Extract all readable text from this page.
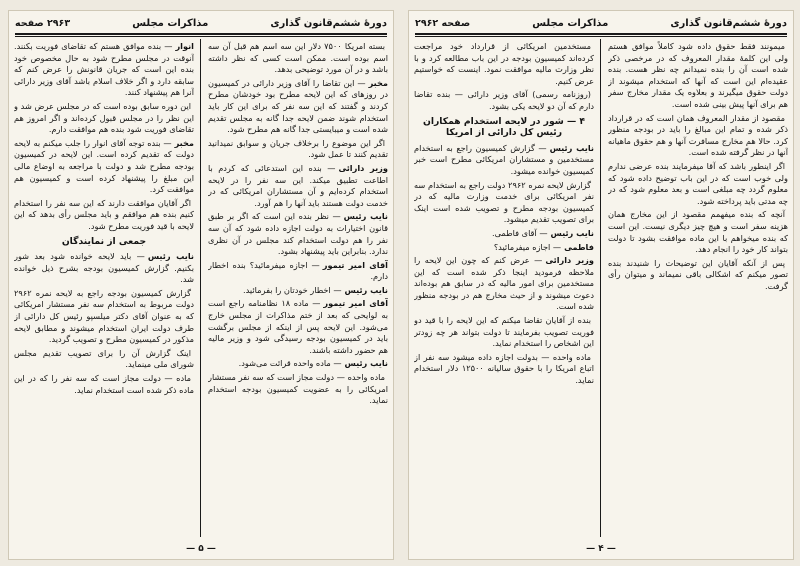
دورۀ ششم‌قانون گذاری
مذاکرات مجلس
۲۹۶۳ صفحه

بسته امریکا ۷۵۰۰ دلار این سه اسم هم قبل آن سه اسم بوده است. ممکن است کسی که نظر داشته باشد و در آن مورد توضیحی بدهد.

مخبر— این تقاضا را آقای وزیر دارائی در کمیسیون در روزهای که این لایحه مطرح بود خودشان مطرح کردند و گفتند که این سه نفر که برای این کار باید استخدام شوند ضمن لایحه جدا گانه به مجلس تقدیم شده است و میبایستی جدا گانه هم مطرح شود.

اگر این موضوع را برخلاف جریان و سوابق نمیدانید تقدیم کنند تا عمل شود.

وزیر دارائی— بنده این استدعائی که کردم با اطاعت تطبیق میکند. این سه نفر را در لایحه استخدام کرده‌ایم و آن مستشاران امریکائی که در خدمت دولت هستند باید آنها را هم آورد.

نایب رئیس— نظر بنده این است که اگر بر طبق قانون اختیارات به دولت اجازه داده شود که آن سه نفر را هم دولت استخدام کند مجلس در آن نظری ندارد. بنابراین باید پیشنهاد بشود.

آقای امیر تیمور— اجازه میفرمائید؟ بنده اخطار دارم.

نایب رئیس— اخطار خودتان را بفرمائید.

آقای امیر تیمور— ماده ۱۸ نظامنامه راجع است به لوایحی که بعد از ختم مذاکرات از مجلس خارج می‌شود. این لایحه پس از اینکه از مجلس برگشت باید در کمیسیون بودجه رسیدگی شود و وزیر مالیه هم حضور داشته باشند.

نایب رئیس— ماده واحده قرائت می‌شود.

ماده واحده — دولت مجاز است که سه نفر مستشار امریکائی را به عضویت کمیسیون بودجه استخدام نماید.

انوار— بنده موافق هستم که تقاضای فوریت بکنند. آنوقت در مجلس مطرح شود به حال مخصوص خود بنده این است که جریان قانونش را عرض کنم که سابقه دارد و اگر خلاف اسلام باشد آقای وزیر دارائی آنرا هم پیشنهاد کنند.

این دوره سابق بوده است که در مجلس عرض شد و این نظر را در مجلس قبول کرده‌اند و اگر امروز هم تقاضای فوریت شود بنده هم موافقت دارم.

مخبر— بنده توجه آقای انوار را جلب میکنم به لایحه دولت که تقدیم کرده است. این لایحه در کمیسیون بودجه مطرح شد و دولت با مراجعه به اوضاع مالی این مبلغ را پیشنهاد کرده است و کمیسیون هم موافقت کرد.

اگر آقایان موافقت دارند که این سه نفر را استخدام کنیم بنده هم موافقم و باید مجلس رأی بدهد که این لایحه با قید فوریت مطرح شود.

جمعی از نمایندگان

نایب رئیس— باید لایحه خوانده شود بعد شور بکنیم. گزارش کمیسیون بودجه بشرح ذیل خوانده شد.

گزارش کمیسیون بودجه راجع به لایحه نمره ۲۹۶۲ دولت مربوط به استخدام سه نفر مستشار امریکائی که به عنوان آقای دکتر میلسپو رئیس کل دارائی از طرف دولت ایران استخدام میشوند و مطابق لایحه مذکور در کمیسیون مطرح و تصویب گردید.

اینک گزارش آن را برای تصویب تقدیم مجلس شورای ملی مینماید.

ماده — دولت مجاز است که سه نفر را که در این ماده ذکر شده است استخدام نماید.

— ۵ —
دورۀ ششم‌قانون گذاری
مذاکرات مجلس
صفحه ۲۹۶۲

میمونند فقط حقوق داده شود کاملاً موافق هستم ولی این کلمهٔ مقدار المعروف که در مرخصی ذکر شده است آن را بنده نمیدانم چه نظر هست. بنده عقیده‌ام این است که آنها که استخدام میشوند از دولت حقوق میگیرند و بعلاوه یک مقدار مخارج سفر هم برای آنها پیش بینی شده است.

مقصود از مقدار المعروف همان است که در قرارداد ذکر شده و تمام این مبالغ را باید در بودجه منظور کرد. حالا هم مخارج مسافرت آنها و هم حقوق ماهیانه آنها در نظر گرفته شده است.

اگر اینطور باشد که آقا میفرمایند بنده عرضی ندارم ولی خوب است که در این باب توضیح داده شود که معلوم گردد چه مبلغی است و بعد معلوم شود که در چه مدتی باید پرداخته شود.

آنچه که بنده میفهمم مقصود از این مخارج همان هزینه سفر است و هیچ چیز دیگری نیست. این است که بنده میخواهم با این ماده موافقت بشود تا دولت بتواند کار خود را انجام دهد.

پس از آنکه آقایان این توضیحات را شنیدند بنده تصور میکنم که اشکالی باقی نمیماند و میتوان رأی گرفت.

مستخدمین امریکائی از قرارداد خود مراجعت کرده‌اند کمیسیون بودجه در این باب مطالعه کرد و با نظر وزارت مالیه موافقت نمود. اینست که خواستیم عرض کنیم.

(روزنامه رسمی) آقای وزیر دارائی — بنده تقاضا دارم که آن دو لایحه یکی بشود.

۴ — شور در لایحه استخدام همکاران رئیس کل دارائی از امریکا

نایب رئیس— گزارش کمیسیون راجع به استخدام مستخدمین و مستشاران امریکائی مطرح است خبر کمیسیون خوانده میشود.

گزارش لایحه نمره ۲۹۶۲ دولت راجع به استخدام سه نفر امریکائی برای خدمت وزارت مالیه که در کمیسیون بودجه مطرح و تصویب شده است اینک برای تصویب تقدیم میشود.

نایب رئیس— آقای فاطمی.

فاطمی— اجازه میفرمائید؟

وزیر دارائی— عرض کنم که چون این لایحه را ملاحظه فرمودید اینجا ذکر شده است که این مستخدمین برای امور مالیه که در سابق هم بوده‌اند دعوت میشوند و از حیث مخارج هم در بودجه منظور شده است.

بنده از آقایان تقاضا میکنم که این لایحه را با قید دو فوریت تصویب بفرمایند تا دولت بتواند هر چه زودتر این اشخاص را استخدام نماید.

ماده واحده — بدولت اجازه داده میشود سه نفر از اتباع امریکا را با حقوق سالیانه ۱۲۵۰۰ دلار استخدام نماید.

— ۴ —
